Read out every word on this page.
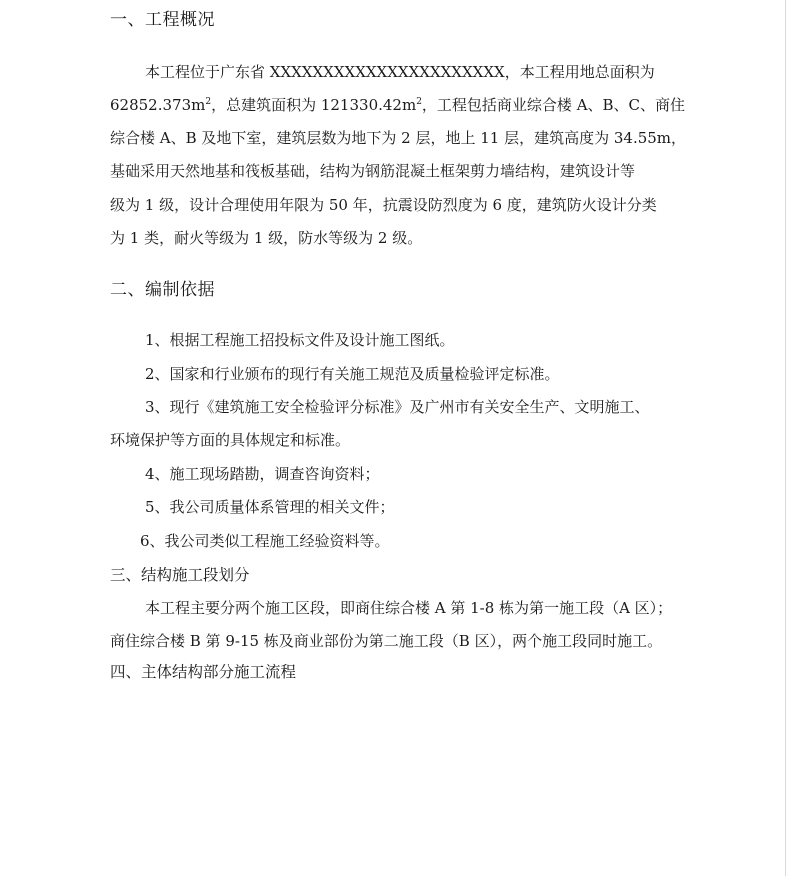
一、工程概况
本工程位于广东省 XXXXXXXXXXXXXXXXXXXXXX，本工程用地总面积为
$62852.373m^2$，总建筑面积为 $121330.42m^2$，工程包括商业综合楼 A、B、C、商住
综合楼 A、B 及地下室，建筑层数为地下为 2 层，地上 11 层，建筑高度为 34.55m，
基础采用天然地基和筏板基础，结构为钢筋混凝土框架剪力墙结构，建筑设计等
级为 1 级，设计合理使用年限为 50 年，抗震设防烈度为 6 度，建筑防火设计分类
为 1 类，耐火等级为 1 级，防水等级为 2 级。
二、编制依据
1、根据工程施工招投标文件及设计施工图纸。
2、国家和行业颁布的现行有关施工规范及质量检验评定标准。
3、现行《建筑施工安全检验评分标准》及广州市有关安全生产、文明施工、
环境保护等方面的具体规定和标准。
4、施工现场踏勘，调查咨询资料；
5、我公司质量体系管理的相关文件；
6、我公司类似工程施工经验资料等。
三、结构施工段划分
本工程主要分两个施工区段，即商住综合楼 A 第 1-8 栋为第一施工段（A 区）；
商住综合楼 B 第 9-15 栋及商业部份为第二施工段（B 区），两个施工段同时施工。
四、主体结构部分施工流程
